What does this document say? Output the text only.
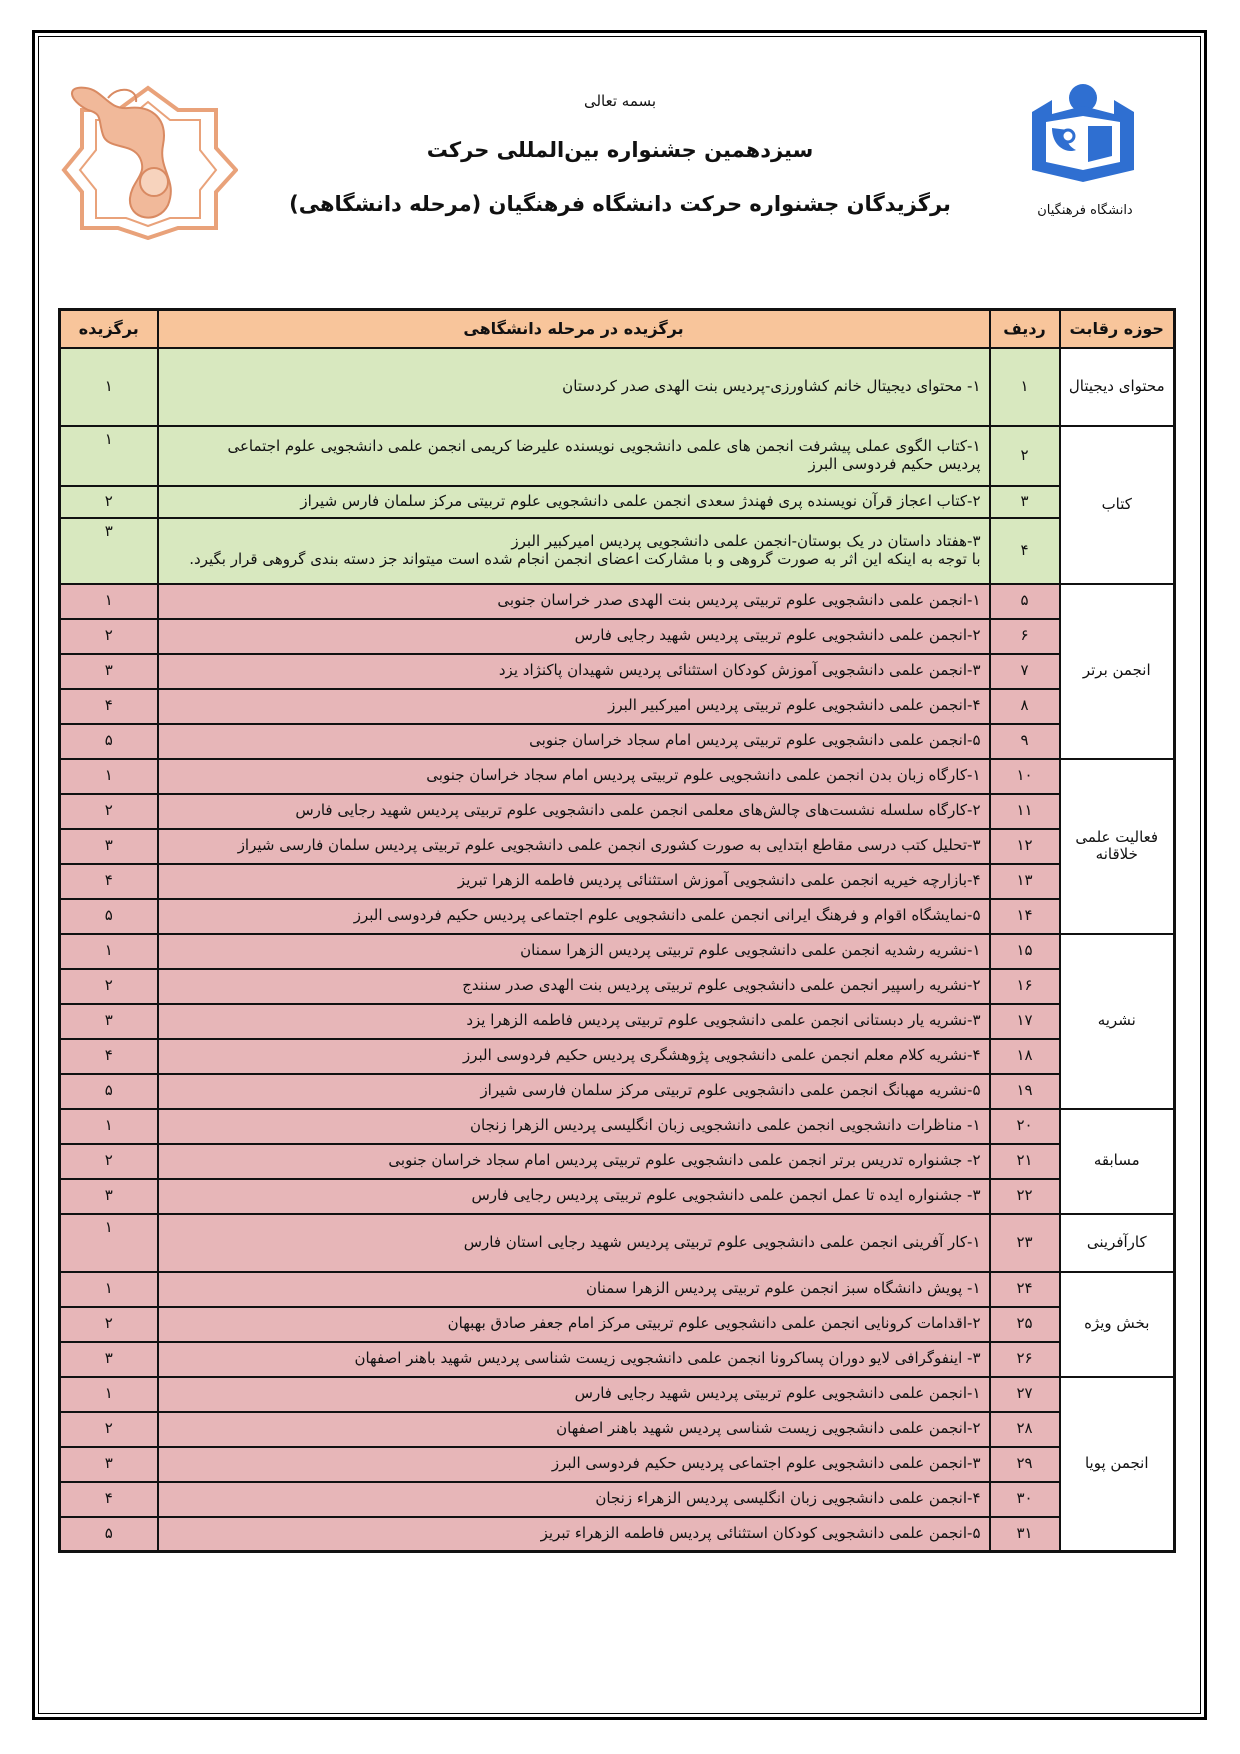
دانشگاه فرهنگیان
بسمه تعالی
سیزدهمین جشنواره بین‌المللی حرکت
برگزیدگان جشنواره حرکت دانشگاه فرهنگیان (مرحله دانشگاهی)
حوزه رقابت	ردیف	برگزیده در مرحله دانشگاهی	برگزیده
محتوای دیجیتال	۱	۱- محتوای دیجیتال خانم کشاورزی-پردیس بنت الهدی صدر کردستان	۱
کتاب	۲	۱-کتاب الگوی عملی پیشرفت انجمن های علمی دانشجویی نویسنده علیرضا کریمی انجمن علمی دانشجویی علوم اجتماعی
پردیس حکیم فردوسی البرز	۱
	۳	۲-کتاب اعجاز قرآن نویسنده پری فهندژ سعدی انجمن علمی دانشجویی علوم تربیتی مرکز سلمان فارس شیراز	۲
	۴	۳-هفتاد داستان در یک بوستان-انجمن علمی دانشجویی پردیس امیرکبیر البرز
با توجه به اینکه این اثر به صورت گروهی و با مشارکت اعضای انجمن انجام شده است میتواند جز دسته بندی گروهی قرار بگیرد.	۳
انجمن برتر	۵	۱-انجمن علمی دانشجویی علوم تربیتی پردیس بنت الهدی صدر خراسان جنوبی	۱
	۶	۲-انجمن علمی دانشجویی علوم تربیتی پردیس شهید رجایی فارس	۲
	۷	۳-انجمن علمی دانشجویی آموزش کودکان استثنائی پردیس شهیدان پاکنژاد یزد	۳
	۸	۴-انجمن علمی دانشجویی علوم تربیتی پردیس امیرکبیر البرز	۴
	۹	۵-انجمن علمی دانشجویی علوم تربیتی پردیس امام سجاد خراسان جنوبی	۵
فعالیت علمی خلاقانه	۱۰	۱-کارگاه زبان بدن انجمن علمی دانشجویی علوم تربیتی پردیس امام سجاد خراسان جنوبی	۱
	۱۱	۲-کارگاه سلسله نشست‌های چالش‌های معلمی انجمن علمی دانشجویی علوم تربیتی پردیس شهید رجایی فارس	۲
	۱۲	۳-تحلیل کتب درسی مقاطع ابتدایی به صورت کشوری انجمن علمی دانشجویی علوم تربیتی پردیس سلمان فارسی شیراز	۳
	۱۳	۴-بازارچه خیریه انجمن علمی دانشجویی آموزش استثنائی پردیس فاطمه الزهرا تبریز	۴
	۱۴	۵-نمایشگاه اقوام و فرهنگ ایرانی انجمن علمی دانشجویی علوم اجتماعی پردیس حکیم فردوسی البرز	۵
نشریه	۱۵	۱-نشریه رشدیه انجمن علمی دانشجویی علوم تربیتی پردیس الزهرا سمنان	۱
	۱۶	۲-نشریه راسپیر انجمن علمی دانشجویی علوم تربیتی پردیس بنت الهدی صدر سنندج	۲
	۱۷	۳-نشریه یار دبستانی انجمن علمی دانشجویی علوم تربیتی پردیس فاطمه الزهرا یزد	۳
	۱۸	۴-نشریه کلام معلم انجمن علمی دانشجویی پژوهشگری پردیس حکیم فردوسی البرز	۴
	۱۹	۵-نشریه مهبانگ انجمن علمی دانشجویی علوم تربیتی مرکز سلمان فارسی شیراز	۵
مسابقه	۲۰	۱- مناظرات دانشجویی انجمن علمی دانشجویی زبان انگلیسی پردیس الزهرا زنجان	۱
	۲۱	۲- جشنواره تدریس برتر انجمن علمی دانشجویی علوم تربیتی پردیس امام سجاد خراسان جنوبی	۲
	۲۲	۳- جشنواره ایده تا عمل انجمن علمی دانشجویی علوم تربیتی پردیس رجایی فارس	۳
کارآفرینی	۲۳	۱-کار آفرینی انجمن علمی دانشجویی علوم تربیتی پردیس شهید رجایی استان فارس	۱
بخش ویژه	۲۴	۱- پویش دانشگاه سبز انجمن علوم تربیتی پردیس الزهرا سمنان	۱
	۲۵	۲-اقدامات کرونایی انجمن علمی دانشجویی علوم تربیتی مرکز امام جعفر صادق بهبهان	۲
	۲۶	۳- اینفوگرافی لایو دوران پساکرونا انجمن علمی دانشجویی زیست شناسی پردیس شهید باهنر اصفهان	۳
انجمن پویا	۲۷	۱-انجمن علمی دانشجویی علوم تربیتی پردیس شهید رجایی فارس	۱
	۲۸	۲-انجمن علمی دانشجویی زیست شناسی پردیس شهید باهنر اصفهان	۲
	۲۹	۳-انجمن علمی دانشجویی علوم اجتماعی پردیس حکیم فردوسی البرز	۳
	۳۰	۴-انجمن علمی دانشجویی زبان انگلیسی پردیس الزهراء زنجان	۴
	۳۱	۵-انجمن علمی دانشجویی کودکان استثنائی پردیس فاطمه الزهراء تبریز	۵
